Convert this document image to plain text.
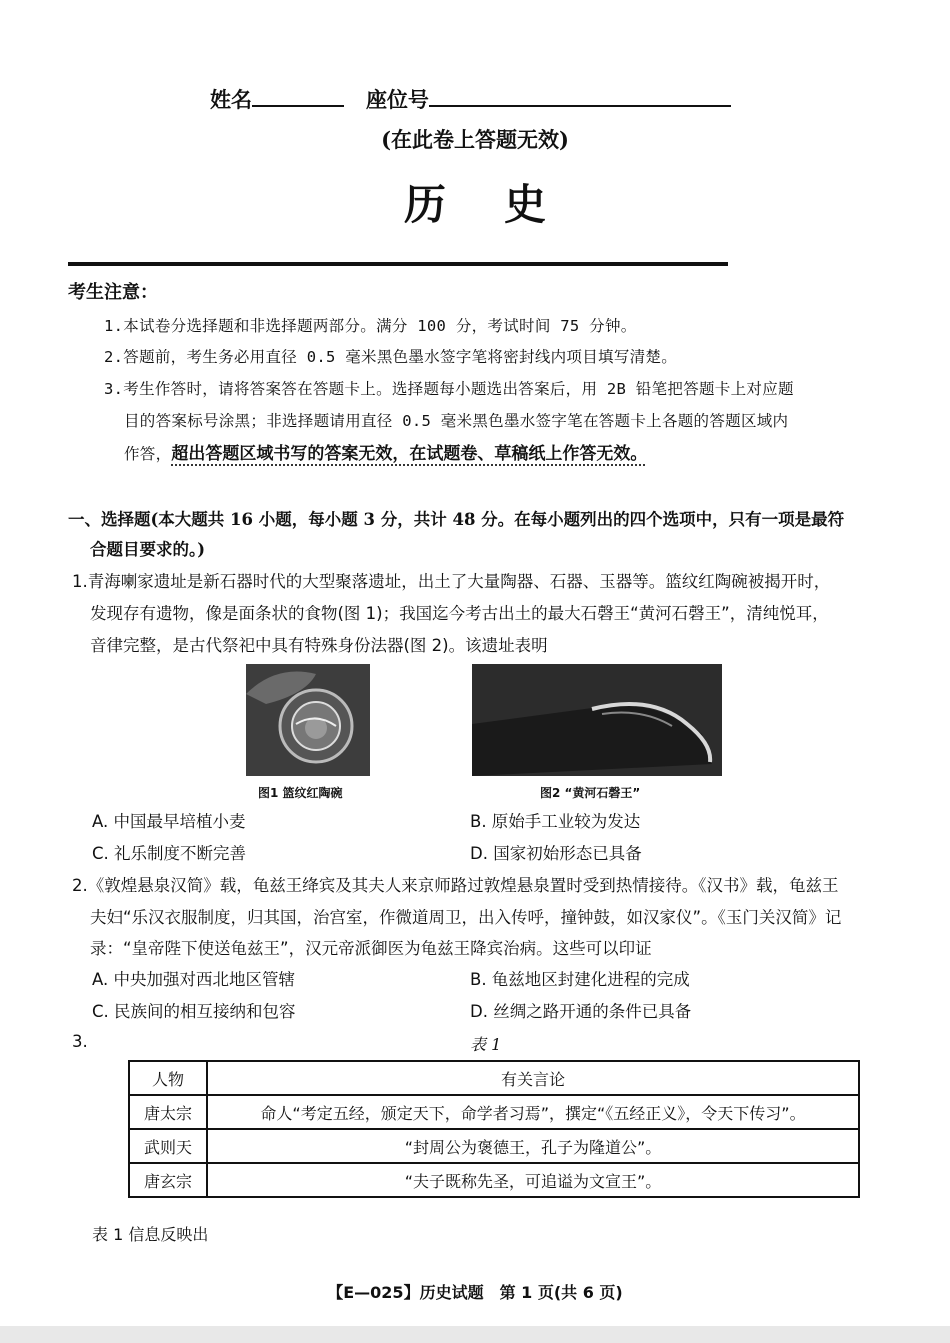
姓名	座位号
(在此卷上答题无效)
历史
考生注意：
1.本试卷分选择题和非选择题两部分。满分 100 分，考试时间 75 分钟。
2.答题前，考生务必用直径 0.5 毫米黑色墨水签字笔将密封线内项目填写清楚。
3.考生作答时，请将答案答在答题卡上。选择题每小题选出答案后，用 2B 铅笔把答题卡上对应题
目的答案标号涂黑；非选择题请用直径 0.5 毫米黑色墨水签字笔在答题卡上各题的答题区域内
作答，超出答题区域书写的答案无效，在试题卷、草稿纸上作答无效。
一、选择题(本大题共 16 小题，每小题 3 分，共计 48 分。在每小题列出的四个选项中，只有一项是最符
合题目要求的。)
1.青海喇家遗址是新石器时代的大型聚落遗址，出土了大量陶器、石器、玉器等。篮纹红陶碗被揭开时，
发现存有遗物，像是面条状的食物(图 1)；我国迄今考古出土的最大石磬王“黄河石磬王”，清纯悦耳，
音律完整，是古代祭祀中具有特殊身份法器(图 2)。该遗址表明
图1 篮纹红陶碗	图2 “黄河石磬王”
A. 中国最早培植小麦	B. 原始手工业较为发达
C. 礼乐制度不断完善	D. 国家初始形态已具备
2.《敦煌悬泉汉简》载，龟兹王绛宾及其夫人来京师路过敦煌悬泉置时受到热情接待。《汉书》载，龟兹王
夫妇“乐汉衣服制度，归其国，治宫室，作微道周卫，出入传呼，撞钟鼓，如汉家仪”。《玉门关汉简》记
录：“皇帝陛下使送龟兹王”，汉元帝派御医为龟兹王降宾治病。这些可以印证
A. 中央加强对西北地区管辖	B. 龟兹地区封建化进程的完成
C. 民族间的相互接纳和包容	D. 丝绸之路开通的条件已具备
3.	表 1
人物	有关言论
唐太宗	命人“考定五经，颁定天下，命学者习焉”，撰定“《五经正义》，令天下传习”。
武则天	“封周公为褒德王，孔子为隆道公”。
唐玄宗	“夫子既称先圣，可追谥为文宣王”。
表 1 信息反映出
【E—025】历史试题　第 1 页(共 6 页)
